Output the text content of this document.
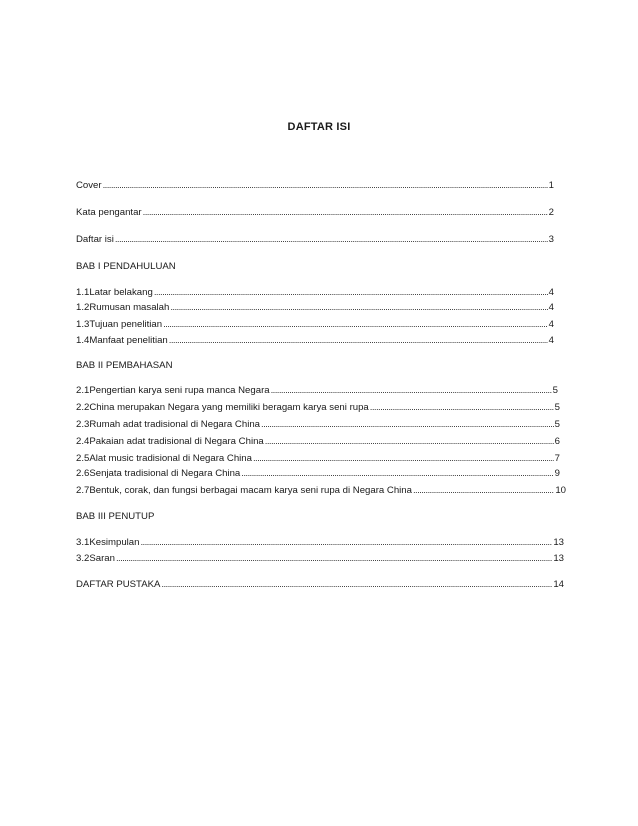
DAFTAR ISI
Cover .....	1
Kata pengantar .....	2
Daftar isi .....	3
BAB I PENDAHULUAN
1.1 Latar belakang .....	4
1.2 Rumusan masalah .....	4
1.3 Tujuan penelitian .....	4
1.4 Manfaat penelitian .....	4
BAB II PEMBAHASAN
2.1 Pengertian karya seni rupa manca Negara .....	5
2.2 China merupakan Negara yang memiliki beragam karya seni rupa .....	5
2.3 Rumah adat tradisional di Negara China .....	5
2.4 Pakaian adat tradisional di Negara China .....	6
2.5 Alat music tradisional di Negara China .....	7
2.6 Senjata tradisional di Negara China .....	9
2.7 Bentuk, corak, dan fungsi berbagai macam karya seni rupa di Negara China .....	10
BAB III PENUTUP
3.1 Kesimpulan .....	13
3.2 Saran .....	13
DAFTAR PUSTAKA .....	14
